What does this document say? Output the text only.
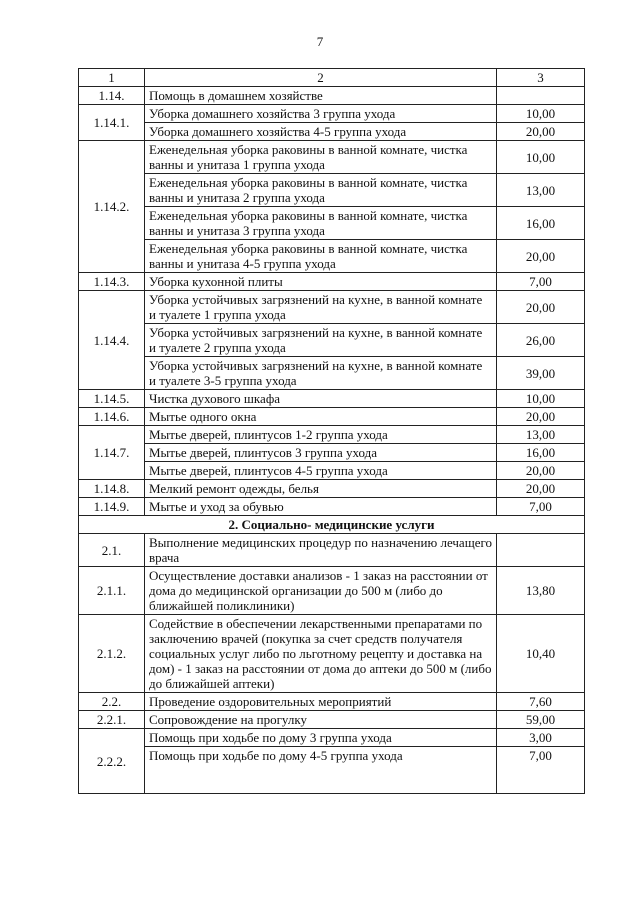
7
1	2	3
1.14.	Помощь в домашнем хозяйстве	
1.14.1.	Уборка домашнего хозяйства 3 группа ухода	10,00
	Уборка домашнего хозяйства 4-5 группа ухода	20,00
1.14.2.	Еженедельная уборка раковины в ванной комнате, чистка ванны и унитаза 1 группа ухода	10,00
	Еженедельная уборка раковины в ванной комнате, чистка ванны и унитаза 2 группа ухода	13,00
	Еженедельная уборка раковины в ванной комнате, чистка ванны и унитаза 3 группа ухода	16,00
	Еженедельная уборка раковины в ванной комнате, чистка ванны и унитаза 4-5 группа ухода	20,00
1.14.3.	Уборка кухонной плиты	7,00
1.14.4.	Уборка устойчивых загрязнений на кухне, в ванной комнате и туалете 1 группа ухода	20,00
	Уборка устойчивых загрязнений на кухне, в ванной комнате и туалете 2 группа ухода	26,00
	Уборка устойчивых загрязнений на кухне, в ванной комнате и туалете 3-5 группа ухода	39,00
1.14.5.	Чистка духового шкафа	10,00
1.14.6.	Мытье одного окна	20,00
1.14.7.	Мытье дверей, плинтусов 1-2 группа ухода	13,00
	Мытье дверей, плинтусов 3 группа ухода	16,00
	Мытье дверей, плинтусов 4-5 группа ухода	20,00
1.14.8.	Мелкий ремонт одежды, белья	20,00
1.14.9.	Мытье и уход за обувью	7,00
2. Социально- медицинские услуги		
2.1.	Выполнение медицинских процедур по назначению лечащего врача	
2.1.1.	Осуществление доставки анализов - 1 заказ на расстоянии от дома до медицинской организации до 500 м (либо до ближайшей поликлиники)	13,80
2.1.2.	Содействие в обеспечении лекарственными препаратами по заключению врачей (покупка за счет средств получателя социальных услуг либо по льготному рецепту и доставка на дом) - 1 заказ на расстоянии от дома до аптеки до 500 м (либо до ближайшей аптеки)	10,40
2.2.	Проведение оздоровительных мероприятий	7,60
2.2.1.	Сопровождение на прогулку	59,00
2.2.2.	Помощь при ходьбе по дому 3 группа ухода	3,00
	Помощь при ходьбе по дому 4-5 группа ухода	7,00
